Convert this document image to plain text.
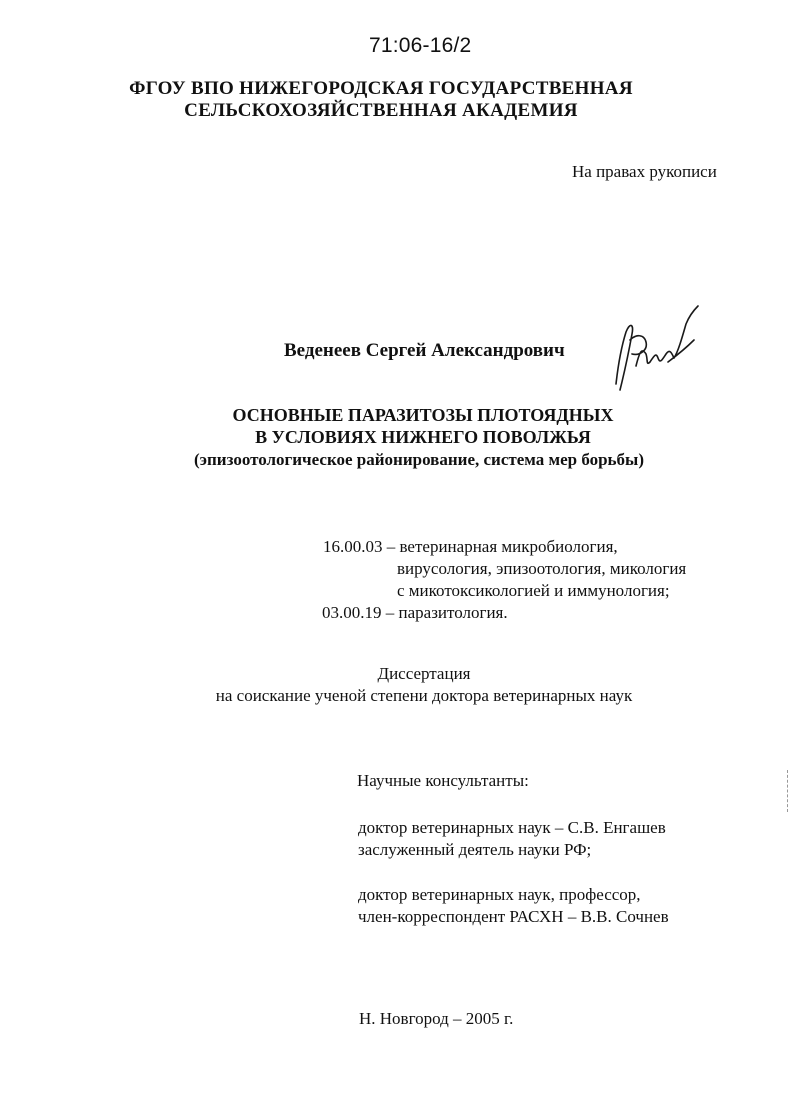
71:06-16/2
ФГОУ ВПО НИЖЕГОРОДСКАЯ ГОСУДАРСТВЕННАЯ
СЕЛЬСКОХОЗЯЙСТВЕННАЯ АКАДЕМИЯ
На правах рукописи
Веденеев Сергей Александрович
ОСНОВНЫЕ ПАРАЗИТОЗЫ ПЛОТОЯДНЫХ
В УСЛОВИЯХ НИЖНЕГО ПОВОЛЖЬЯ
(эпизоотологическое районирование, система мер борьбы)
16.00.03 – ветеринарная микробиология,
вирусология, эпизоотология, микология
с микотоксикологией и иммунология;
03.00.19 – паразитология.
Диссертация
на соискание ученой степени доктора ветеринарных наук
Научные консультанты:
доктор ветеринарных наук – С.В. Енгашев
заслуженный деятель науки РФ;
доктор ветеринарных наук, профессор,
член-корреспондент РАСХН – В.В. Сочнев
Н. Новгород – 2005 г.
